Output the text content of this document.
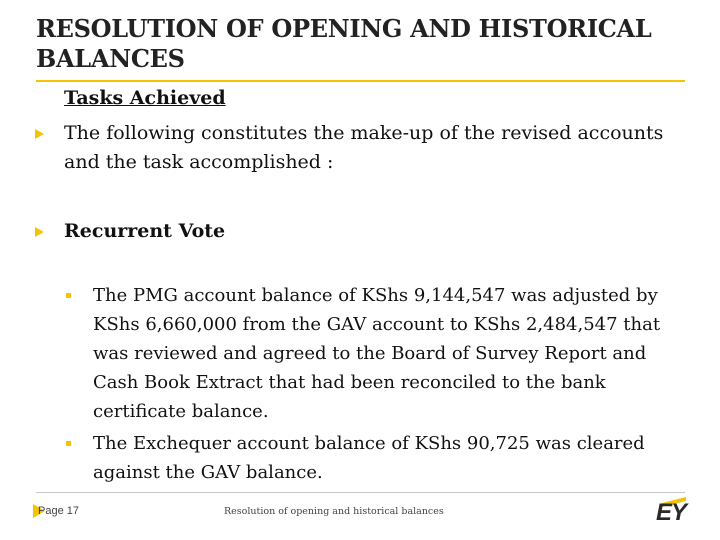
RESOLUTION OF OPENING AND HISTORICAL BALANCES
Tasks Achieved
The following constitutes the make-up of the revised accounts and the task accomplished :
Recurrent Vote
The PMG account balance of KShs 9,144,547 was adjusted by KShs 6,660,000 from the GAV account to KShs 2,484,547 that was reviewed and agreed to the Board of Survey Report and Cash Book Extract that had been reconciled to the bank certificate balance.
The Exchequer account balance of KShs 90,725 was cleared against the GAV balance.
Page 17	Resolution of opening and historical balances	EY
